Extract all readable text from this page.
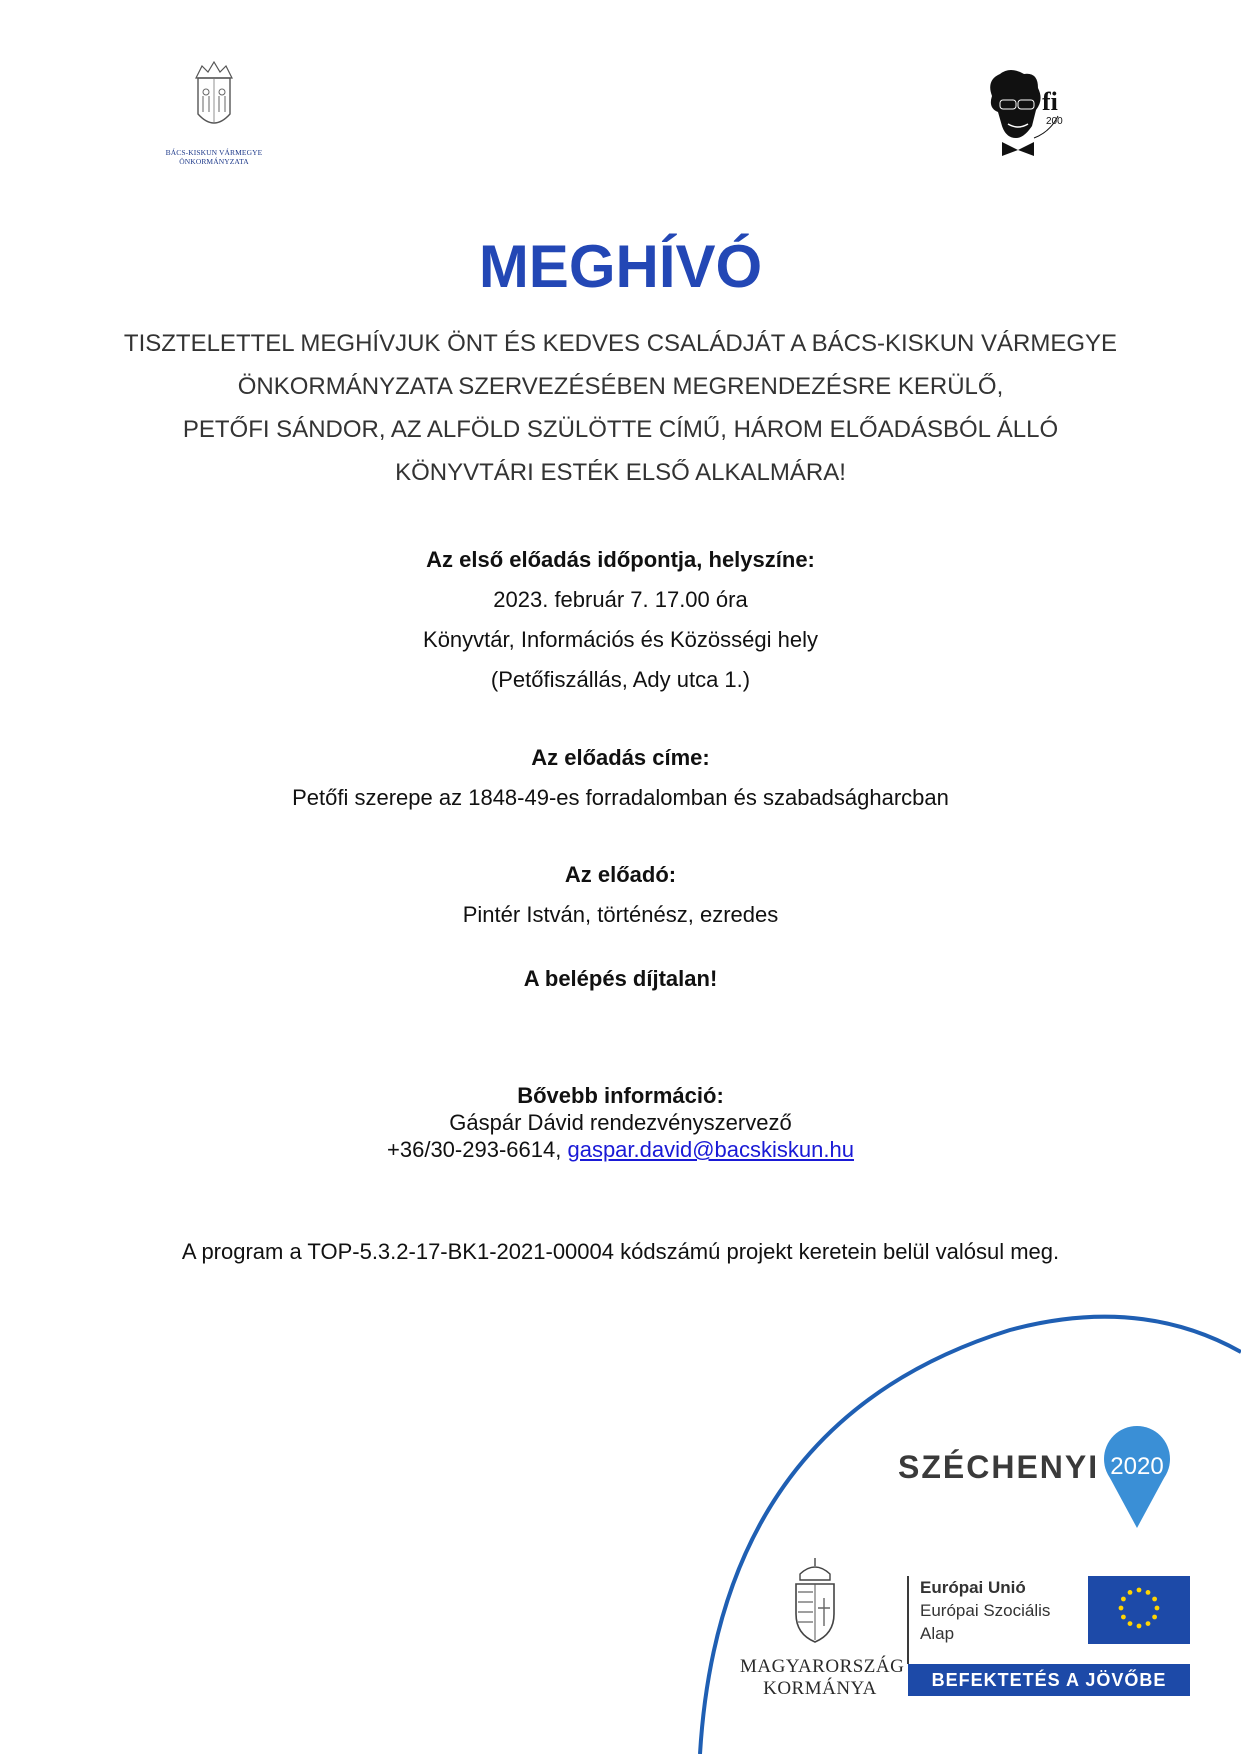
BÁCS-KISKUN VÁRMEGYE
ÖNKORMÁNYZATA
fi
200
MEGHÍVÓ
TISZTELETTEL MEGHÍVJUK ÖNT ÉS KEDVES CSALÁDJÁT A BÁCS-KISKUN VÁRMEGYE
ÖNKORMÁNYZATA SZERVEZÉSÉBEN MEGRENDEZÉSRE KERÜLŐ,
PETŐFI SÁNDOR, AZ ALFÖLD SZÜLÖTTE CÍMŰ, HÁROM ELŐADÁSBÓL ÁLLÓ
KÖNYVTÁRI ESTÉK ELSŐ ALKALMÁRA!
Az első előadás időpontja, helyszíne:
2023. február 7. 17.00 óra
Könyvtár, Információs és Közösségi hely
(Petőfiszállás, Ady utca 1.)
Az előadás címe:
Petőfi szerepe az 1848-49-es forradalomban és szabadságharcban
Az előadó:
Pintér István, történész, ezredes
A belépés díjtalan!
Bővebb információ:
Gáspár Dávid rendezvényszervező
+36/30-293-6614, gaspar.david@bacskiskun.hu
A program a TOP-5.3.2-17-BK1-2021-00004 kódszámú projekt keretein belül valósul meg.
SZÉCHENYI 2020
MAGYARORSZÁG
KORMÁNYA
Európai Unió
Európai Szociális
Alap
BEFEKTETÉS A JÖVŐBE
